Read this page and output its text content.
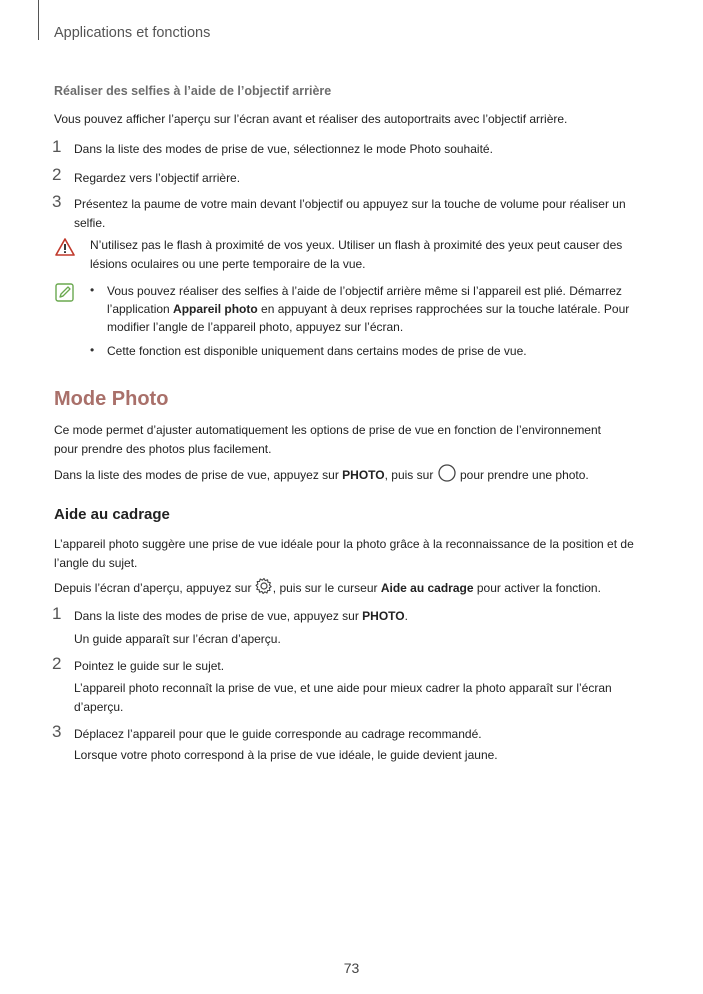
Applications et fonctions
Réaliser des selfies à l’aide de l’objectif arrière
Vous pouvez afficher l’aperçu sur l’écran avant et réaliser des autoportraits avec l’objectif arrière.
1	Dans la liste des modes de prise de vue, sélectionnez le mode Photo souhaité.
2	Regardez vers l’objectif arrière.
3	Présentez la paume de votre main devant l’objectif ou appuyez sur la touche de volume pour réaliser un
selfie.
N’utilisez pas le flash à proximité de vos yeux. Utiliser un flash à proximité des yeux peut causer des
lésions oculaires ou une perte temporaire de la vue.
• Vous pouvez réaliser des selfies à l’aide de l’objectif arrière même si l’appareil est plié. Démarrez
l’application Appareil photo en appuyant à deux reprises rapprochées sur la touche latérale. Pour
modifier l’angle de l’appareil photo, appuyez sur l’écran.
• Cette fonction est disponible uniquement dans certains modes de prise de vue.
Mode Photo
Ce mode permet d’ajuster automatiquement les options de prise de vue en fonction de l’environnement
pour prendre des photos plus facilement.
Dans la liste des modes de prise de vue, appuyez sur PHOTO, puis sur  pour prendre une photo.
Aide au cadrage
L’appareil photo suggère une prise de vue idéale pour la photo grâce à la reconnaissance de la position et de
l’angle du sujet.
Depuis l’écran d’aperçu, appuyez sur , puis sur le curseur Aide au cadrage pour activer la fonction.
1	Dans la liste des modes de prise de vue, appuyez sur PHOTO.
Un guide apparaît sur l’écran d’aperçu.
2	Pointez le guide sur le sujet.
L’appareil photo reconnaît la prise de vue, et une aide pour mieux cadrer la photo apparaît sur l’écran
d’aperçu.
3	Déplacez l’appareil pour que le guide corresponde au cadrage recommandé.
Lorsque votre photo correspond à la prise de vue idéale, le guide devient jaune.
73
